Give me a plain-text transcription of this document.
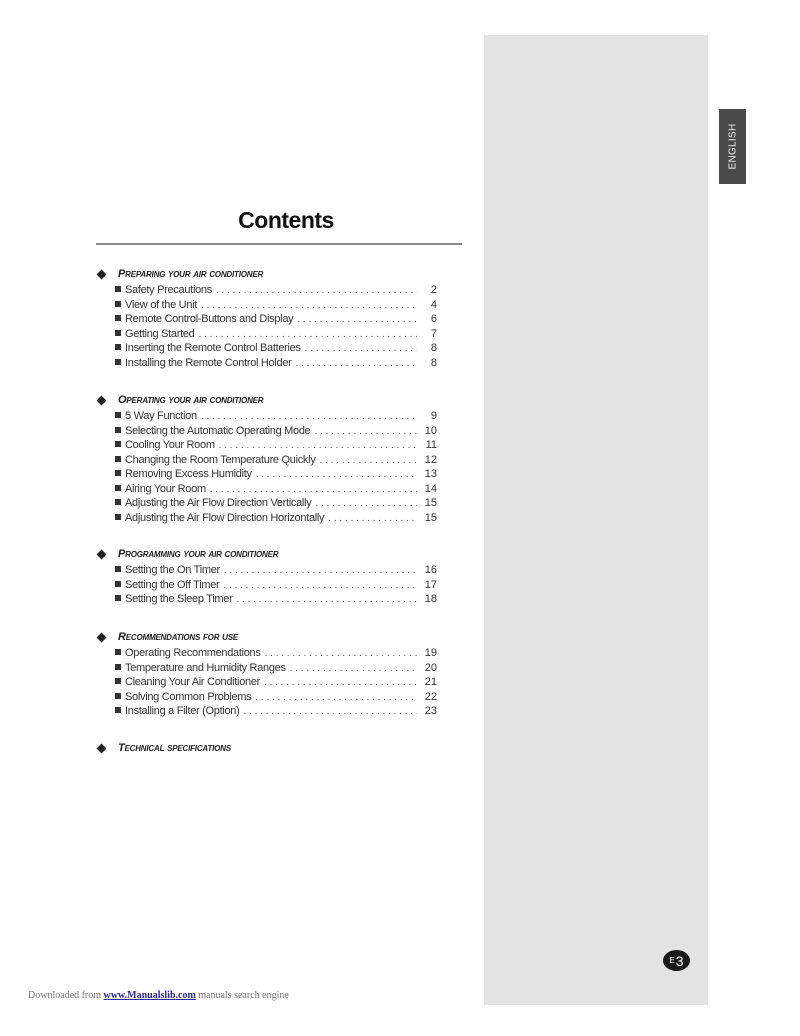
ENGLISH
Contents
Preparing your air conditioner
Safety Precautions . . .	2
View of the Unit . . .	4
Remote Control-Buttons and Display . . .	6
Getting Started . . .	7
Inserting the Remote Control Batteries . . .	8
Installing the Remote Control Holder . . .	8
Operating your air conditioner
5 Way Function . . .	9
Selecting the Automatic Operating Mode . . .	10
Cooling Your Room . . .	11
Changing the Room Temperature Quickly . . .	12
Removing Excess Humidity . . .	13
Airing Your Room . . .	14
Adjusting the Air Flow Direction Vertically . . .	15
Adjusting the Air Flow Direction Horizontally . . .	15
Programming your air conditioner
Setting the On Timer . . .	16
Setting the Off Timer . . .	17
Setting the Sleep Timer . . .	18
Recommendations for use
Operating Recommendations . . .	19
Temperature and Humidity Ranges . . .	20
Cleaning Your Air Conditioner . . .	21
Solving Common Problems . . .	22
Installing a Filter (Option) . . .	23
Technical specifications
E 3
Downloaded from www.Manualslib.com manuals search engine
